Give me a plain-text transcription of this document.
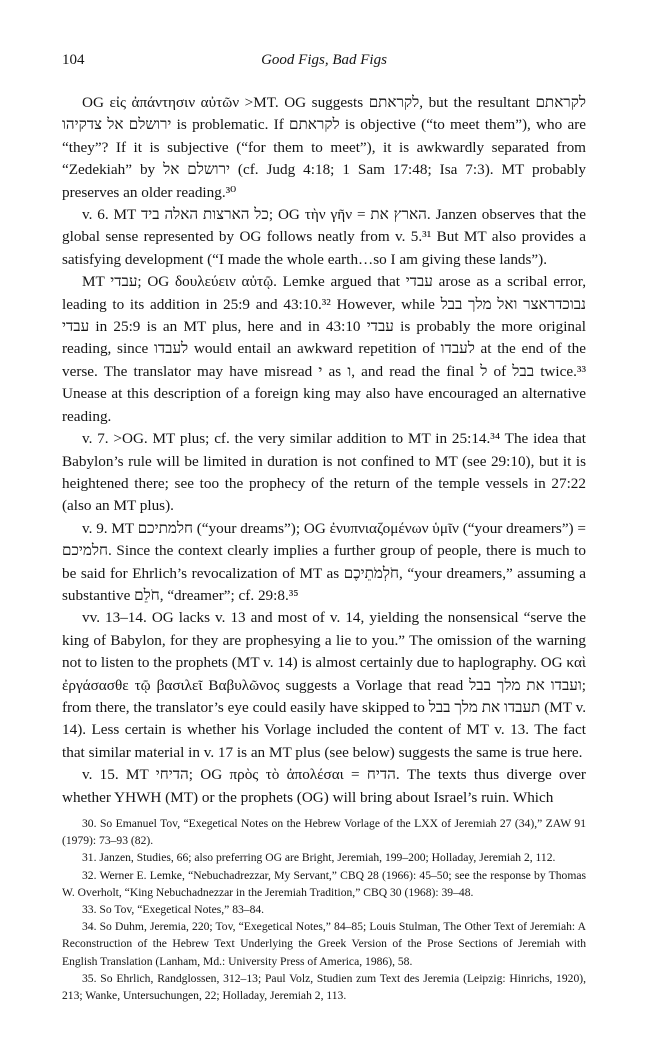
104	Good Figs, Bad Figs

OG εἰς ἀπάντησιν αὐτῶν >MT. OG suggests לקראתם, but the resultant לקראתם ירושלם אל צדקיהו is problematic. If לקראתם is objective (“to meet them”), who are “they”? If it is subjective (“for them to meet”), it is awkwardly separated from “Zedekiah” by ירושלם אל (cf. Judg 4:18; 1 Sam 17:48; Isa 7:3). MT probably preserves an older reading.³⁰

v. 6. MT כל הארצות האלה ביד; OG τὴν γῆν = הארץ את. Janzen observes that the global sense represented by OG follows neatly from v. 5.³¹ But MT also provides a satisfying development (“I made the whole earth…so I am giving these lands”).

MT עבדי; OG δουλεύειν αὐτῷ. Lemke argued that עבדי arose as a scribal error, leading to its addition in 25:9 and 43:10.³² However, while נבוכדראצר ואל מלך בבל עבדי in 25:9 is an MT plus, here and in 43:10 עבדי is probably the more original reading, since לעבדו would entail an awkward repetition of לעבדו at the end of the verse. The translator may have misread י as ו, and read the final ל of בבל twice.³³ Unease at this description of a foreign king may also have encouraged an alternative reading.

v. 7. >OG. MT plus; cf. the very similar addition to MT in 25:14.³⁴ The idea that Babylon’s rule will be limited in duration is not confined to MT (see 29:10), but it is heightened there; see too the prophecy of the return of the temple vessels in 27:22 (also an MT plus).

v. 9. MT חלמתיכם (“your dreams”); OG ἐνυπνιαζομένων ὑμῖν (“your dreamers”) = חלמיכם. Since the context clearly implies a further group of people, there is much to be said for Ehrlich’s revocalization of MT as חֹלְמֹתֵיכֶם, “your dreamers,” assuming a substantive חֹלֵם, “dreamer”; cf. 29:8.³⁵

vv. 13–14. OG lacks v. 13 and most of v. 14, yielding the nonsensical “serve the king of Babylon, for they are prophesying a lie to you.” The omission of the warning not to listen to the prophets (MT v. 14) is almost certainly due to haplography. OG καὶ ἐργάσασθε τῷ βασιλεῖ Βαβυλῶνος suggests a Vorlage that read ועבדו את מלך בבל; from there, the translator’s eye could easily have skipped to תעבדו את מלך בבל (MT v. 14). Less certain is whether his Vorlage included the content of MT v. 13. The fact that similar material in v. 17 is an MT plus (see below) suggests the same is true here.

v. 15. MT הדיחי; OG πρὸς τὸ ἀπολέσαι = הדיח. The texts thus diverge over whether YHWH (MT) or the prophets (OG) will bring about Israel’s ruin. Which

30. So Emanuel Tov, “Exegetical Notes on the Hebrew Vorlage of the LXX of Jeremiah 27 (34),” ZAW 91 (1979): 73–93 (82).

31. Janzen, Studies, 66; also preferring OG are Bright, Jeremiah, 199–200; Holladay, Jeremiah 2, 112.

32. Werner E. Lemke, “Nebuchadrezzar, My Servant,” CBQ 28 (1966): 45–50; see the response by Thomas W. Overholt, “King Nebuchadnezzar in the Jeremiah Tradition,” CBQ 30 (1968): 39–48.

33. So Tov, “Exegetical Notes,” 83–84.

34. So Duhm, Jeremia, 220; Tov, “Exegetical Notes,” 84–85; Louis Stulman, The Other Text of Jeremiah: A Reconstruction of the Hebrew Text Underlying the Greek Version of the Prose Sections of Jeremiah with English Translation (Lanham, Md.: University Press of America, 1986), 58.

35. So Ehrlich, Randglossen, 312–13; Paul Volz, Studien zum Text des Jeremia (Leipzig: Hinrichs, 1920), 213; Wanke, Untersuchungen, 22; Holladay, Jeremiah 2, 113.
